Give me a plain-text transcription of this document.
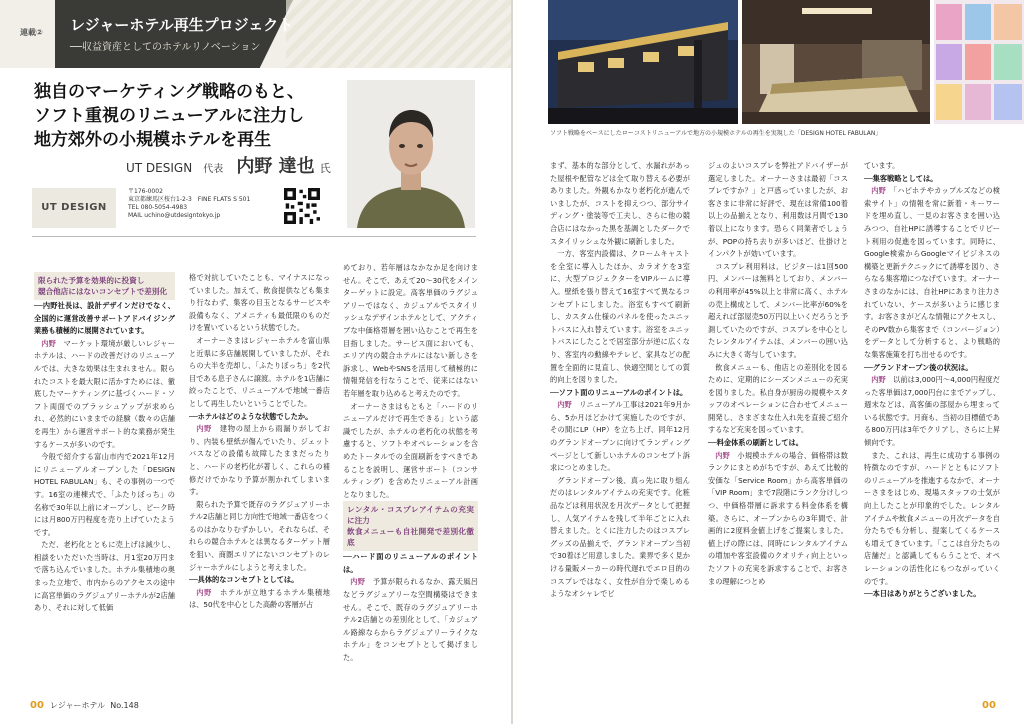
連載②	レジャーホテル再生プロジェクト
──収益資産としてのホテルリノベーション
独自のマーケティング戦略のもと、
ソフト重視のリニューアルに注力し
地方郊外の小規模ホテルを再生
UT DESIGN 代表 内野 達也 氏
UT DESIGN
〒176-0002
東京都練馬区桜台1-2-3　FINE FLATS S 501
TEL 080-5054-4983
MAIL uchino@utdesigntokyo.jp

限られた予算を効果的に投資し
競合他店にはないコンセプトで差別化

──内野社長は、設計デザインだけでなく、全国的に運営改善サポートアドバイジング業務も積極的に展開されています。

内野　マーケット環境が厳しいレジャーホテルは、ハードの改善だけのリニューアルでは、大きな効果は生まれません。限られたコストを最大限に活かすためには、徹底したマーケティングに基づくハード・ソフト両面でのブラッシュアップが求められ、必然的にいままでの経験（数々の店舗を再生）から運営サポート的な業務が発生するケースが多いのです。

今般で紹介する富山市内で2021年12月にリニューアルオープンした「DESIGN HOTEL FABULAN」も、その事例の一つです。16室の連棟式で、「ふたりぼっち」の名称で30年以上前にオープンし、ピーク時には月800万円程度を売り上げていたようです。

ただ、老朽化とともに売上げは減少し、相談をいただいた当時は、月1室20万円まで落ち込んでいました。ホテル集積地の奥まった立地で、市内からのアクセスの途中に高宮単価のラグジュアリーホテルが2店舗あり、それに対して低価

格で対抗していたことも、マイナスになっていました。加えて、飲食提供なども集まり行なわず、集客の目玉となるサービスや設備もなく、アメニティも最低限のものだけを置いているという状態でした。

オーナーさまはレジャーホテルを富山県と近県に多店舗展開していましたが、それらの大半を売却し、「ふたりぼっち」を2代目である息子さんに譲渡。ホテルを1店舗に絞ったことで、リニューアルで地域一番店として再生したいということでした。

──ホテルはどのような状態でしたか。

内野　建物の屋上から雨漏りがしており、内装も壁紙が傷んでいたり、ジェットバスなどの設備も故障したままだったりと、ハードの老朽化が著しく、これらの補修だけでかなり予算が割かれてしまいます。

限られた予算で既存のラグジュアリーホテル2店舗と同じ方向性で地域一番店をつくるのはかなりむずかしい。それならば、それらの競合ホテルとは異なるターゲット層を狙い、商圏エリアにないコンセプトのレジャーホテルにしようと考えました。

──具体的なコンセプトとしては。

内野　ホテルが立地するホテル集積地は、50代を中心とした高齢の客層が占

めており、若年層はなかなか足を向けません。そこで、あえて20〜30代をメインターゲットに設定。高客単価のラグジュアリーではなく、カジュアルでスタイリッシュなデザインホテルとして、アクティブな中価格帯層を囲い込むことで再生を目指しました。サービス面においても、エリア内の競合ホテルにはない新しさを訴求し、WebやSNSを活用して積極的に情報発信を行なうことで、従来にはない若年層を取り込めると考えたのです。

オーナーさまはもともと「ハードのリニューアルだけで再生できる」という認識でしたが、ホテルの老朽化の状態を考慮すると、ソフトやオペレーションを含めたトータルでの全面刷新をすべきであることを説明し、運営サポート（コンサルティング）を含めたリニューアル計画となりました。

レンタル・コスプレアイテムの充実に注力
飲食メニューも自社開発で差別化徹底

──ハード面のリニューアルのポイントは。

内野　予算が限られるなか、露天風呂などラグジュアリーな空間構築はできません。そこで、既存のラグジュアリーホテル2店舗との差別化として、「カジュアル路線ならからラグジュアリーライクなホテル」をコンセプトとして掲げました。

00 レジャーホテル No.148
ソフト戦略をベースにしたローコストリニューアルで地方の小規模ホテルの再生を実現した「DESIGN HOTEL FABULAN」

まず、基本的な部分として、水漏れがあった屋根や配管などは全て取り替える必要がありました。外観もかなり老朽化が進んでいましたが、コストを抑えつつ、部分サイディング・塗装等で工夫し、さらに他の競合店にはなかった黒を基調としたダークでスタイリッシュな外観に刷新しました。

一方、客室内設備は、クロームキャストを全室に導入したほか、カラオケを3室に、大型プロジェクターをVIPルームに導入。壁紙を張り替えて16室すべて異なるコンセプトにしました。浴室もすべて刷新し、カスタム仕様のパネルを使ったユニットバスに入れ替えています。浴室をユニットバスにしたことで居室部分が逆に広くなり、客室内の動線やテレビ、家具などの配置を全面的に見直し、快適空間としての質的向上を図りました。

──ソフト面のリニューアルのポイントは。

内野　リニューアル工事は2021年9月から、5か月ほどかけて実施したのですが、その間にLP（HP）を立ち上げ、同年12月のグランドオープンに向けてランディングページとして新しいホテルのコンセプト訴求につとめました。

グランドオープン後、真っ先に取り組んだのはレンタルアイテムの充実です。化粧品などは利用状況を月次データとして把握し、人気アイテムを残して半年ごとに入れ替えました。とくに注力したのはコスプレグッズの品揃えで、グランドオープン当初で30着ほど用意しました。業界で多く見かける量販メーカーの時代遅れでエロ目的のコスプレではなく、女性が自分で楽しめるようなオシャレでビ

ジュのよいコスプレを弊社アドバイザーが選定しました。オーナーさまは最初「コスプレですか？」と戸惑っていましたが、お客さまに非常に好評で、現在は常備100着以上の品揃えとなり、利用数は月間で130着以上になります。恐らく同業者でしょうが、POPの持ち去りが多いほど、仕掛けとインパクトが効いています。

コスプレ利用料は、ビジターは1回500円、メンバーは無料としており、メンバーの利用率が45%以上と非常に高く、ホテルの売上構成として、メンバー比率が60%を超えれば部屋売50万円以上いくだろうと予測していたのですが、コスプレを中心としたレンタルアイテムは、メンバーの囲い込みに大きく寄与しています。

飲食メニューも、他店との差別化を図るために、定期的にシーズンメニューの充実を図りました。私自身が厨房の規模やスタッフのオペレーションに合わせてメニュー開発し、さまざまな仕入れ先を直接ご紹介するなど充実を図っています。

──料金体系の刷新としては。

内野　小規模ホテルの場合、価格帯は数ランクにまとめがちですが、あえて比較的安価な「Service Room」から高客単価の「VIP Room」まで7段階にランク分けしつつ、中価格帯層に訴求する料金体系を構築。さらに、オープンからの3年間で、計画的に2度料金値上げをご提案しました。値上げの際には、同時にレンタルアイテムの増加や客室設備のクオリティ向上といったソフトの充実を訴求することで、お客さまの理解につとめ

ています。

──集客戦略としては。

内野　「ハピホテやカップルズなどの検索サイト」の情報を常に新着・キーワードを埋め直し、一見のお客さまを囲い込みつつ、自社HPに誘導することでリピート利用の促進を図っています。同時に、Google検索からGoogleマイビジネスの構築と更新テクニックにて誘導を図り、さらなる集客増につなげています。オーナーさまのなかには、自社HPにあまり注力されていない、ケースが多いように感じます。お客さまがどんな情報にアクセスし、そのPV数から集客まで（コンバージョン）をデータとして分析すると、より戦略的な集客施策を打ち出せるのです。

──グランドオープン後の状況は。

内野　以前は3,000円〜4,000円程度だった客単価は7,000円台にまでアップし、週末などは、高客価の部屋から埋まっている状態です。月商も、当初の目標値である800万円は3年でクリアし、さらに上昇傾向です。

また、これは、再生に成功する事例の特徴なのですが、ハードとともにソフトのリニューアルを推進するなかで、オーナーさまをはじめ、現場スタッフの士気が向上したことが印象的でした。レンタルアイテムや飲食メニューの月次データを自分たちでも分析し、提案してくるケースも増えてきています。「ここは自分たちの店舗だ」と認識してもらうことで、オペレーションの活性化にもつながっていくのです。

──本日はありがとうございました。

00
